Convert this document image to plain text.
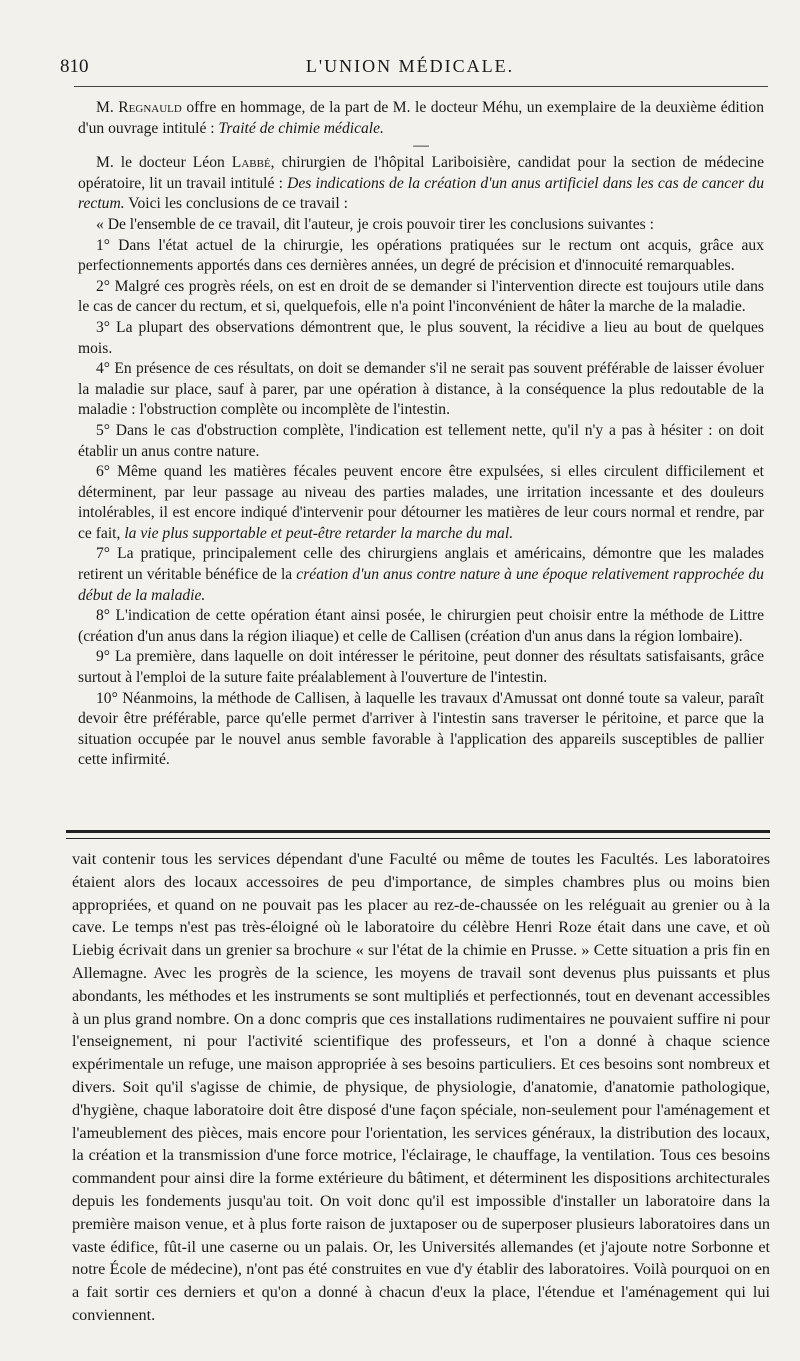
810	L'UNION MÉDICALE.

M. Regnauld offre en hommage, de la part de M. le docteur Méhu, un exemplaire de la deuxième édition d'un ouvrage intitulé : Traité de chimie médicale.

—

M. le docteur Léon Labbé, chirurgien de l'hôpital Lariboisière, candidat pour la section de médecine opératoire, lit un travail intitulé : Des indications de la création d'un anus artificiel dans les cas de cancer du rectum. Voici les conclusions de ce travail :

« De l'ensemble de ce travail, dit l'auteur, je crois pouvoir tirer les conclusions suivantes :

1° Dans l'état actuel de la chirurgie, les opérations pratiquées sur le rectum ont acquis, grâce aux perfectionnements apportés dans ces dernières années, un degré de précision et d'innocuité remarquables.

2° Malgré ces progrès réels, on est en droit de se demander si l'intervention directe est toujours utile dans le cas de cancer du rectum, et si, quelquefois, elle n'a point l'inconvénient de hâter la marche de la maladie.

3° La plupart des observations démontrent que, le plus souvent, la récidive a lieu au bout de quelques mois.

4° En présence de ces résultats, on doit se demander s'il ne serait pas souvent préférable de laisser évoluer la maladie sur place, sauf à parer, par une opération à distance, à la conséquence la plus redoutable de la maladie : l'obstruction complète ou incomplète de l'intestin.

5° Dans le cas d'obstruction complète, l'indication est tellement nette, qu'il n'y a pas à hésiter : on doit établir un anus contre nature.

6° Même quand les matières fécales peuvent encore être expulsées, si elles circulent difficilement et déterminent, par leur passage au niveau des parties malades, une irritation incessante et des douleurs intolérables, il est encore indiqué d'intervenir pour détourner les matières de leur cours normal et rendre, par ce fait, la vie plus supportable et peut-être retarder la marche du mal.

7° La pratique, principalement celle des chirurgiens anglais et américains, démontre que les malades retirent un véritable bénéfice de la création d'un anus contre nature à une époque relativement rapprochée du début de la maladie.

8° L'indication de cette opération étant ainsi posée, le chirurgien peut choisir entre la méthode de Littre (création d'un anus dans la région iliaque) et celle de Callisen (création d'un anus dans la région lombaire).

9° La première, dans laquelle on doit intéresser le péritoine, peut donner des résultats satisfaisants, grâce surtout à l'emploi de la suture faite préalablement à l'ouverture de l'intestin.

10° Néanmoins, la méthode de Callisen, à laquelle les travaux d'Amussat ont donné toute sa valeur, paraît devoir être préférable, parce qu'elle permet d'arriver à l'intestin sans traverser le péritoine, et parce que la situation occupée par le nouvel anus semble favorable à l'application des appareils susceptibles de pallier cette infirmité.

vait contenir tous les services dépendant d'une Faculté ou même de toutes les Facultés. Les laboratoires étaient alors des locaux accessoires de peu d'importance, de simples chambres plus ou moins bien appropriées, et quand on ne pouvait pas les placer au rez-de-chaussée on les reléguait au grenier ou à la cave. Le temps n'est pas très-éloigné où le laboratoire du célèbre Henri Roze était dans une cave, et où Liebig écrivait dans un grenier sa brochure « sur l'état de la chimie en Prusse. » Cette situation a pris fin en Allemagne. Avec les progrès de la science, les moyens de travail sont devenus plus puissants et plus abondants, les méthodes et les instruments se sont multipliés et perfectionnés, tout en devenant accessibles à un plus grand nombre. On a donc compris que ces installations rudimentaires ne pouvaient suffire ni pour l'enseignement, ni pour l'activité scientifique des professeurs, et l'on a donné à chaque science expérimentale un refuge, une maison appropriée à ses besoins particuliers. Et ces besoins sont nombreux et divers. Soit qu'il s'agisse de chimie, de physique, de physiologie, d'anatomie, d'anatomie pathologique, d'hygiène, chaque laboratoire doit être disposé d'une façon spéciale, non-seulement pour l'aménagement et l'ameublement des pièces, mais encore pour l'orientation, les services généraux, la distribution des locaux, la création et la transmission d'une force motrice, l'éclairage, le chauffage, la ventilation. Tous ces besoins commandent pour ainsi dire la forme extérieure du bâtiment, et déterminent les dispositions architecturales depuis les fondements jusqu'au toit. On voit donc qu'il est impossible d'installer un laboratoire dans la première maison venue, et à plus forte raison de juxtaposer ou de superposer plusieurs laboratoires dans un vaste édifice, fût-il une caserne ou un palais. Or, les Universités allemandes (et j'ajoute notre Sorbonne et notre École de médecine), n'ont pas été construites en vue d'y établir des laboratoires. Voilà pourquoi on en a fait sortir ces derniers et qu'on a donné à chacun d'eux la place, l'étendue et l'aménagement qui lui conviennent.
